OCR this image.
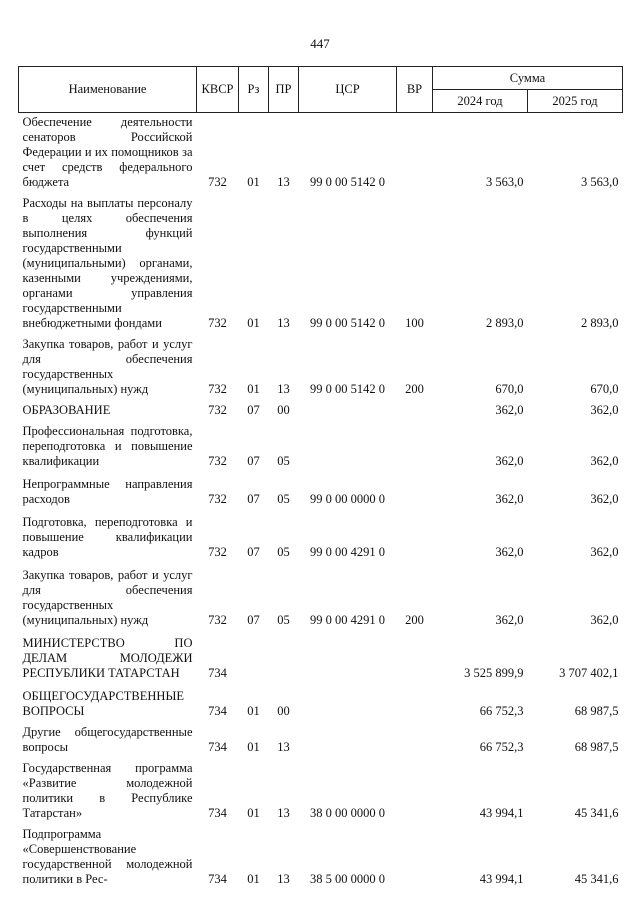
447
Наименование	КВСР	Рз	ПР	ЦСР	ВР	Сумма	
						2024 год	2025 год
Обеспечение деятельности сенаторов Российской Федерации и их помощников за счет средств федерального бюджета	732	01	13	99 0 00 5142 0		3 563,0	3 563,0
Расходы на выплаты персоналу в целях обеспечения выполнения функций государственными (муниципальными) органами, казенными учреждениями, органами управления государственными внебюджетными фондами	732	01	13	99 0 00 5142 0	100	2 893,0	2 893,0
Закупка товаров, работ и услуг для обеспечения государственных (муниципальных) нужд	732	01	13	99 0 00 5142 0	200	670,0	670,0
ОБРАЗОВАНИЕ	732	07	00			362,0	362,0
Профессиональная подготовка, переподготовка и повышение квалификации	732	07	05			362,0	362,0
Непрограммные направления расходов	732	07	05	99 0 00 0000 0		362,0	362,0
Подготовка, переподготовка и повышение квалификации кадров	732	07	05	99 0 00 4291 0		362,0	362,0
Закупка товаров, работ и услуг для обеспечения государственных (муниципальных) нужд	732	07	05	99 0 00 4291 0	200	362,0	362,0
МИНИСТЕРСТВО ПО ДЕЛАМ МОЛОДЕЖИ РЕСПУБЛИКИ ТАТАРСТАН	734					3 525 899,9	3 707 402,1
ОБЩЕГОСУДАРСТВЕННЫЕ ВОПРОСЫ	734	01	00			66 752,3	68 987,5
Другие общегосударственные вопросы	734	01	13			66 752,3	68 987,5
Государственная программа «Развитие молодежной политики в Республике Татарстан»	734	01	13	38 0 00 0000 0		43 994,1	45 341,6
Подпрограмма «Совершенствование государственной молодежной политики в Рес-	734	01	13	38 5 00 0000 0		43 994,1	45 341,6
